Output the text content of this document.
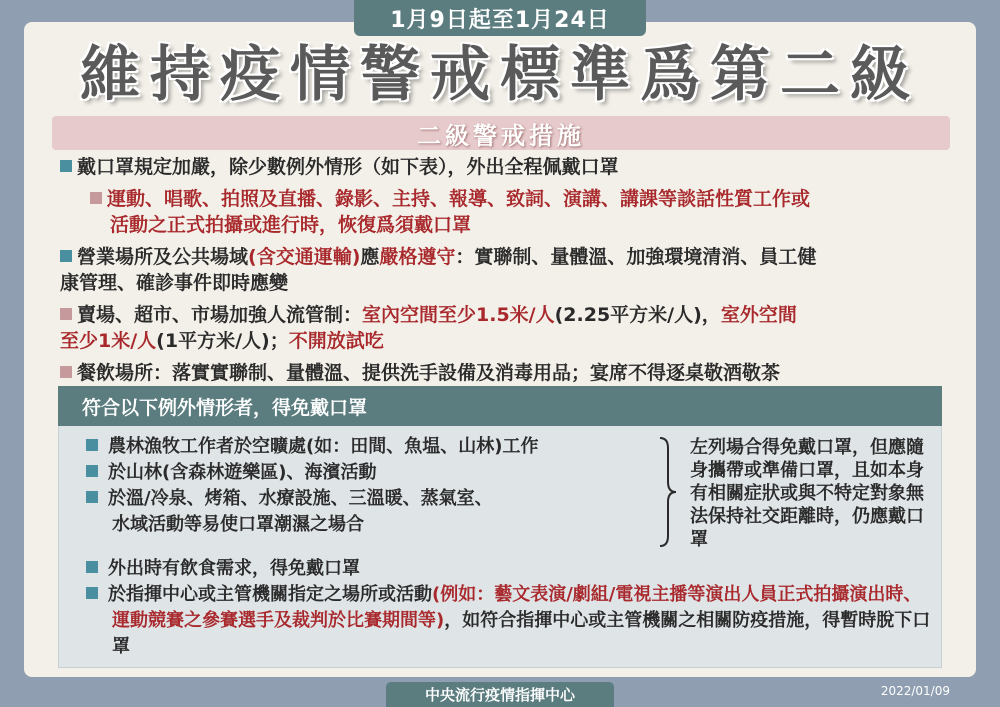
1月9日起至1月24日
維持疫情警戒標準爲第二級
二級警戒措施
戴口罩規定加嚴，除少數例外情形（如下表），外出全程佩戴口罩
運動、唱歌、拍照及直播、錄影、主持、報導、致詞、演講、講課等談話性質工作或
活動之正式拍攝或進行時，恢復爲須戴口罩
營業場所及公共場域(含交通運輸)應嚴格遵守：實聯制、量體溫、加強環境清消、員工健
康管理、確診事件即時應變
賣場、超市、市場加強人流管制：室內空間至少1.5米/人(2.25平方米/人)，室外空間
至少1米/人(1平方米/人)；不開放試吃
餐飲場所：落實實聯制、量體溫、提供洗手設備及消毒用品；宴席不得逐桌敬酒敬茶
符合以下例外情形者，得免戴口罩
農林漁牧工作者於空曠處(如：田間、魚塭、山林)工作
於山林(含森林遊樂區)、海濱活動
於溫/冷泉、烤箱、水療設施、三溫暖、蒸氣室、
水域活動等易使口罩潮濕之場合
左列場合得免戴口罩，但應隨身攜帶或準備口罩，且如本身有相關症狀或與不特定對象無法保持社交距離時，仍應戴口罩
外出時有飲食需求，得免戴口罩
於指揮中心或主管機關指定之場所或活動(例如：藝文表演/劇組/電視主播等演出人員正式拍攝演出時、運動競賽之參賽選手及裁判於比賽期間等)，如符合指揮中心或主管機關之相關防疫措施，得暫時脫下口罩
中央流行疫情指揮中心	2022/01/09
